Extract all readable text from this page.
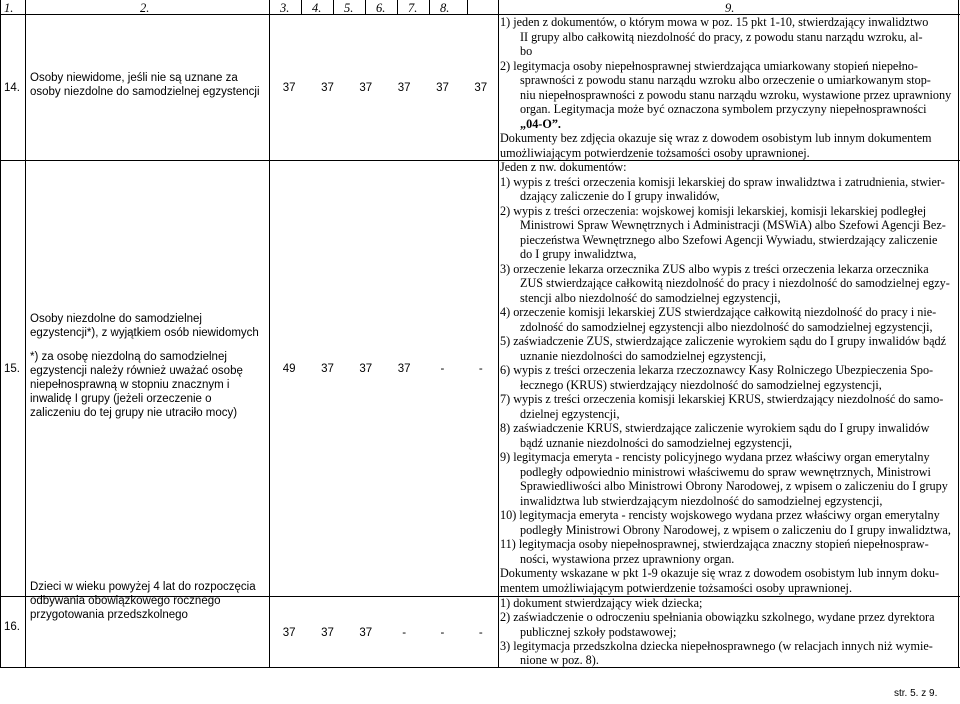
1.	2.	3. 4. 5. 6. 7. 8.	9.
14.
Osoby niewidome, jeśli nie są uznane za osoby niezdolne do samodzielnej egzystencji	37	37	37	37	37	37
1) jeden z dokumentów, o którym mowa w poz. 15 pkt 1-10, stwierdzający inwalidztwo
II grupy albo całkowitą niezdolność do pracy, z powodu stanu narządu wzroku, al-
bo
2) legitymacja osoby niepełnosprawnej stwierdzająca umiarkowany stopień niepełno-
sprawności z powodu stanu narządu wzroku albo orzeczenie o umiarkowanym stop-
niu niepełnosprawności z powodu stanu narządu wzroku, wystawione przez uprawniony
organ. Legitymacja może być oznaczona symbolem przyczyny niepełnosprawności
„04-O”.
Dokumenty bez zdjęcia okazuje się wraz z dowodem osobistym lub innym dokumentem
umożliwiającym potwierdzenie tożsamości osoby uprawnionej.
15.
Osoby niezdolne do samodzielnej egzystencji*), z wyjątkiem osób niewidomych
*) za osobę niezdolną do samodzielnej egzystencji należy również uważać osobę niepełnosprawną w stopniu znacznym i inwalidę I grupy (jeżeli orzeczenie o zaliczeniu do tej grupy nie utraciło mocy)
49	37	37	37	-	-
Jeden z nw. dokumentów:
1) wypis z treści orzeczenia komisji lekarskiej do spraw inwalidztwa i zatrudnienia, stwier-
dzający zaliczenie do I grupy inwalidów,
2) wypis z treści orzeczenia: wojskowej komisji lekarskiej, komisji lekarskiej podległej
Ministrowi Spraw Wewnętrznych i Administracji (MSWiA) albo Szefowi Agencji Bez-
pieczeństwa Wewnętrznego albo Szefowi Agencji Wywiadu, stwierdzający zaliczenie
do I grupy inwalidztwa,
3) orzeczenie lekarza orzecznika ZUS albo wypis z treści orzeczenia lekarza orzecznika
ZUS stwierdzające całkowitą niezdolność do pracy i niezdolność do samodzielnej egzy-
stencji albo niezdolność do samodzielnej egzystencji,
4) orzeczenie komisji lekarskiej ZUS stwierdzające całkowitą niezdolność do pracy i nie-
zdolność do samodzielnej egzystencji albo niezdolność do samodzielnej egzystencji,
5) zaświadczenie ZUS, stwierdzające zaliczenie wyrokiem sądu do I grupy inwalidów bądź
uznanie niezdolności do samodzielnej egzystencji,
6) wypis z treści orzeczenia lekarza rzeczoznawcy Kasy Rolniczego Ubezpieczenia Spo-
łecznego (KRUS) stwierdzający niezdolność do samodzielnej egzystencji,
7) wypis z treści orzeczenia komisji lekarskiej KRUS, stwierdzający niezdolność do samo-
dzielnej egzystencji,
8) zaświadczenie KRUS, stwierdzające zaliczenie wyrokiem sądu do I grupy inwalidów
bądź uznanie niezdolności do samodzielnej egzystencji,
9) legitymacja emeryta - rencisty policyjnego wydana przez właściwy organ emerytalny
podległy odpowiednio ministrowi właściwemu do spraw wewnętrznych, Ministrowi
Sprawiedliwości albo Ministrowi Obrony Narodowej, z wpisem o zaliczeniu do I grupy
inwalidztwa lub stwierdzającym niezdolność do samodzielnej egzystencji,
10) legitymacja emeryta - rencisty wojskowego wydana przez właściwy organ emerytalny
podległy Ministrowi Obrony Narodowej, z wpisem o zaliczeniu do I grupy inwalidztwa,
11) legitymacja osoby niepełnosprawnej, stwierdzająca znaczny stopień niepełnospraw-
ności, wystawiona przez uprawniony organ.
Dokumenty wskazane w pkt 1-9 okazuje się wraz z dowodem osobistym lub innym doku-
mentem umożliwiającym potwierdzenie tożsamości osoby uprawnionej.
16.
Dzieci w wieku powyżej 4 lat do rozpoczęcia odbywania obowiązkowego rocznego przygotowania przedszkolnego
37	37	37	-	-	-
1) dokument stwierdzający wiek dziecka;
2) zaświadczenie o odroczeniu spełniania obowiązku szkolnego, wydane przez dyrektora
publicznej szkoły podstawowej;
3) legitymacja przedszkolna dziecka niepełnosprawnego (w relacjach innych niż wymie-
nione w poz. 8).
str. 5. z 9.
